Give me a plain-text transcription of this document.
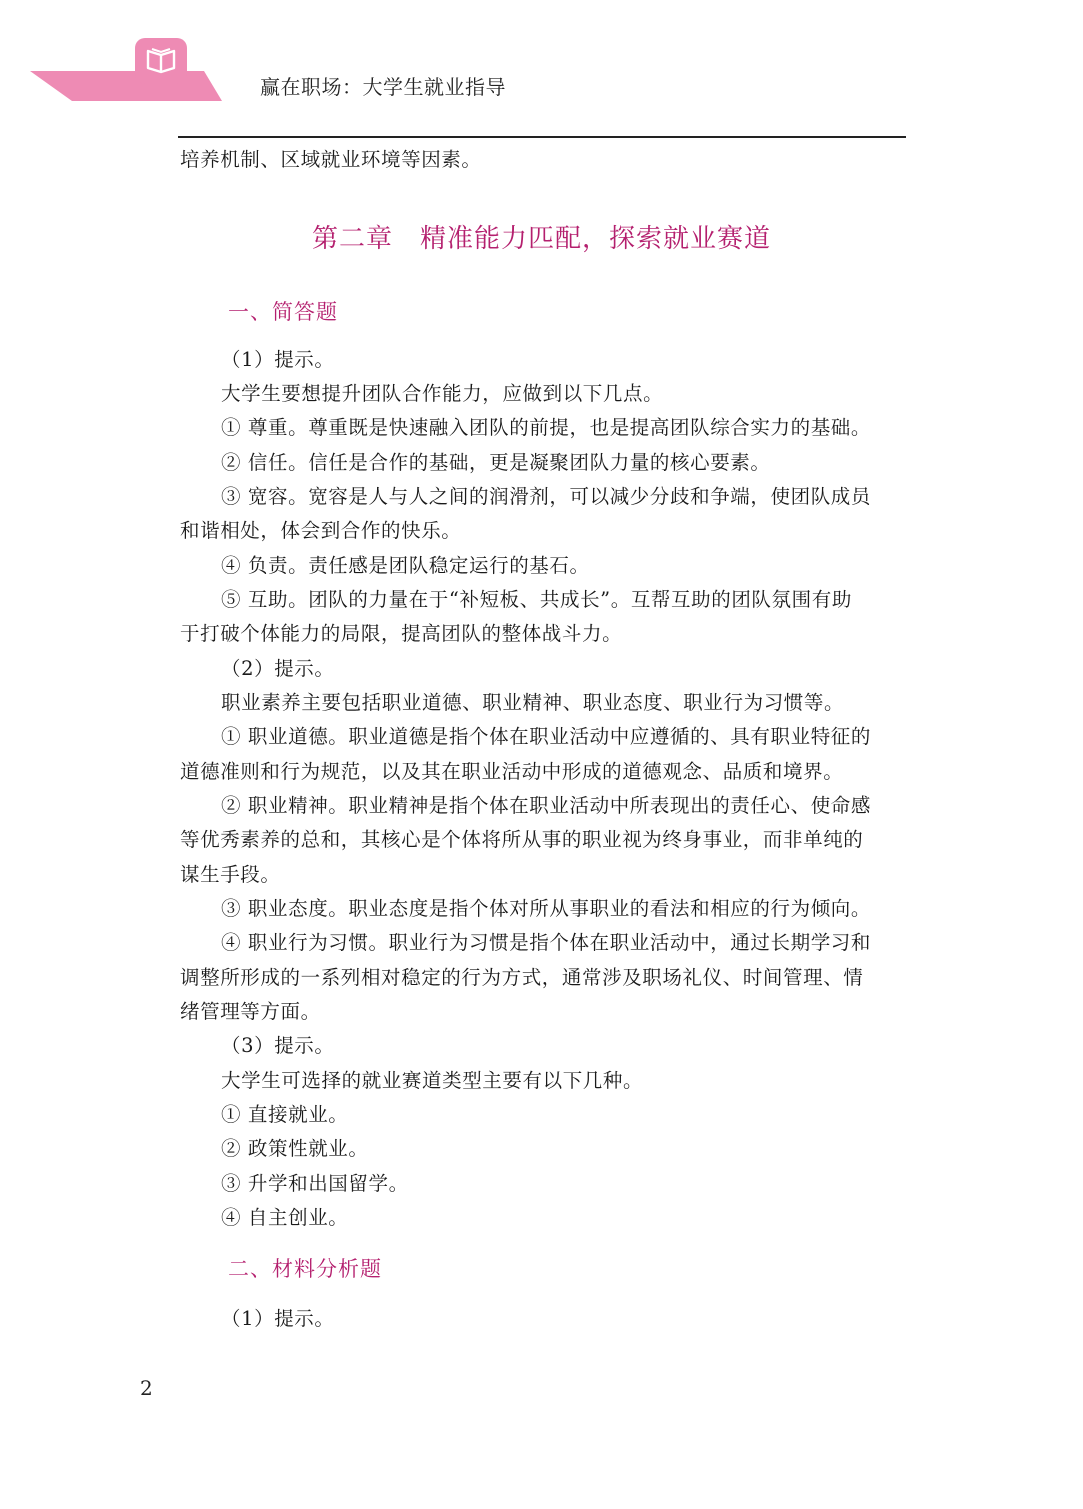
赢在职场：大学生就业指导
培养机制、区域就业环境等因素。
第二章　精准能力匹配，探索就业赛道
一、简答题
（1）提示。
大学生要想提升团队合作能力，应做到以下几点。
① 尊重。尊重既是快速融入团队的前提，也是提高团队综合实力的基础。
② 信任。信任是合作的基础，更是凝聚团队力量的核心要素。
③ 宽容。宽容是人与人之间的润滑剂，可以减少分歧和争端，使团队成员
和谐相处，体会到合作的快乐。
④ 负责。责任感是团队稳定运行的基石。
⑤ 互助。团队的力量在于“补短板、共成长”。互帮互助的团队氛围有助
于打破个体能力的局限，提高团队的整体战斗力。
（2）提示。
职业素养主要包括职业道德、职业精神、职业态度、职业行为习惯等。
① 职业道德。职业道德是指个体在职业活动中应遵循的、具有职业特征的
道德准则和行为规范，以及其在职业活动中形成的道德观念、品质和境界。
② 职业精神。职业精神是指个体在职业活动中所表现出的责任心、使命感
等优秀素养的总和，其核心是个体将所从事的职业视为终身事业，而非单纯的
谋生手段。
③ 职业态度。职业态度是指个体对所从事职业的看法和相应的行为倾向。
④ 职业行为习惯。职业行为习惯是指个体在职业活动中，通过长期学习和
调整所形成的一系列相对稳定的行为方式，通常涉及职场礼仪、时间管理、情
绪管理等方面。
（3）提示。
大学生可选择的就业赛道类型主要有以下几种。
① 直接就业。
② 政策性就业。
③ 升学和出国留学。
④ 自主创业。
二、材料分析题
（1）提示。
2
